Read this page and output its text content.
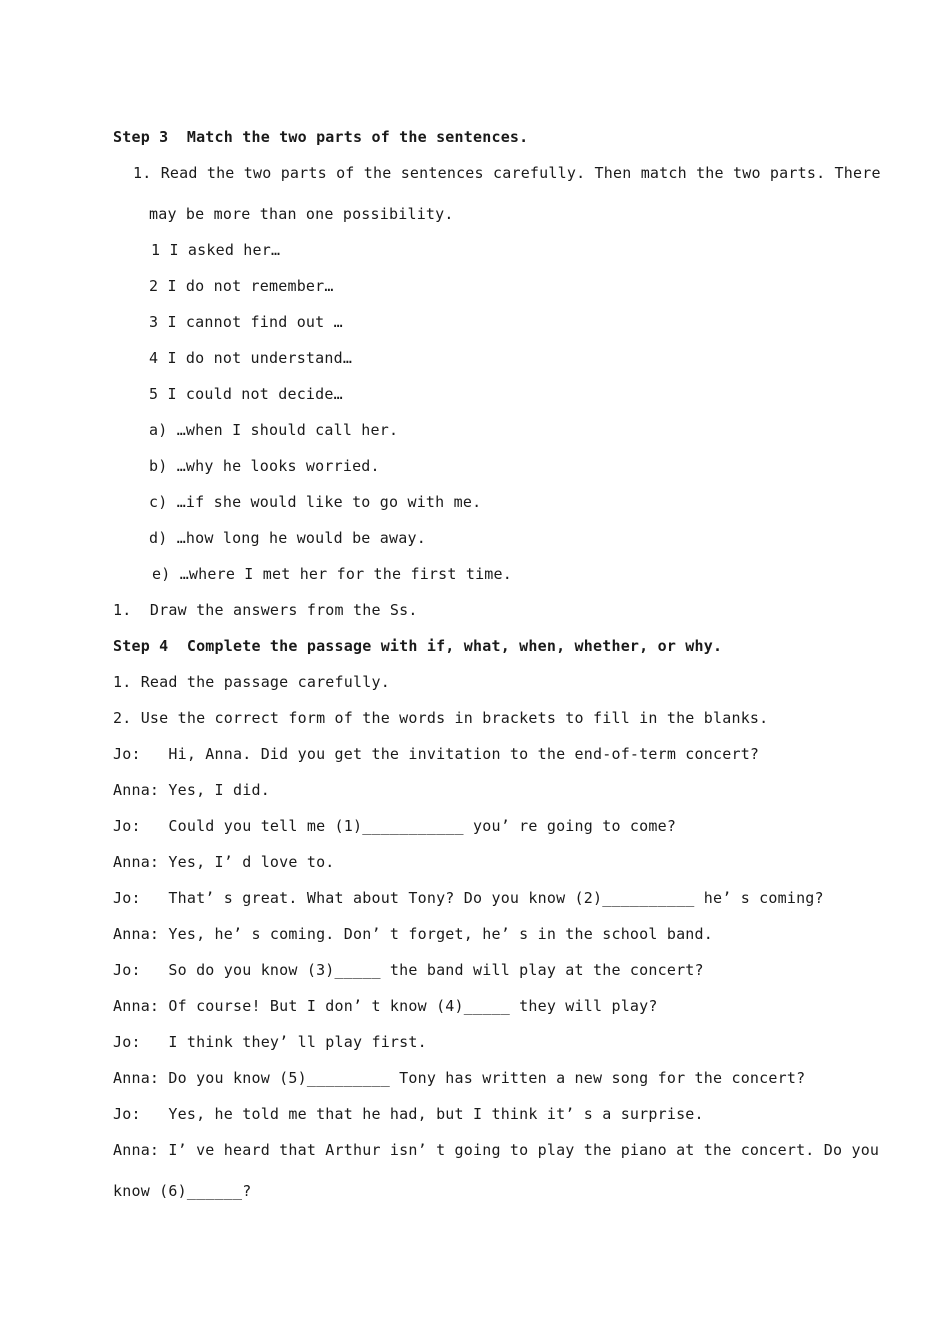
Step 3  Match the two parts of the sentences.
1. Read the two parts of the sentences carefully. Then match the two parts. There
may be more than one possibility.
1 I asked her…
2 I do not remember…
3 I cannot find out …
4 I do not understand…
5 I could not decide…
a) …when I should call her.
b) …why he looks worried.
c) …if she would like to go with me.
d) …how long he would be away.
e) …where I met her for the first time.
1.  Draw the answers from the Ss.
Step 4  Complete the passage with if, what, when, whether, or why.
1. Read the passage carefully.
2. Use the correct form of the words in brackets to fill in the blanks.
Jo:   Hi, Anna. Did you get the invitation to the end-of-term concert?
Anna: Yes, I did.
Jo:   Could you tell me (1)___________ you’ re going to come?
Anna: Yes, I’ d love to.
Jo:   That’ s great. What about Tony? Do you know (2)__________ he’ s coming?
Anna: Yes, he’ s coming. Don’ t forget, he’ s in the school band.
Jo:   So do you know (3)_____ the band will play at the concert?
Anna: Of course! But I don’ t know (4)_____ they will play?
Jo:   I think they’ ll play first.
Anna: Do you know (5)_________ Tony has written a new song for the concert?
Jo:   Yes, he told me that he had, but I think it’ s a surprise.
Anna: I’ ve heard that Arthur isn’ t going to play the piano at the concert. Do you
know (6)______?
